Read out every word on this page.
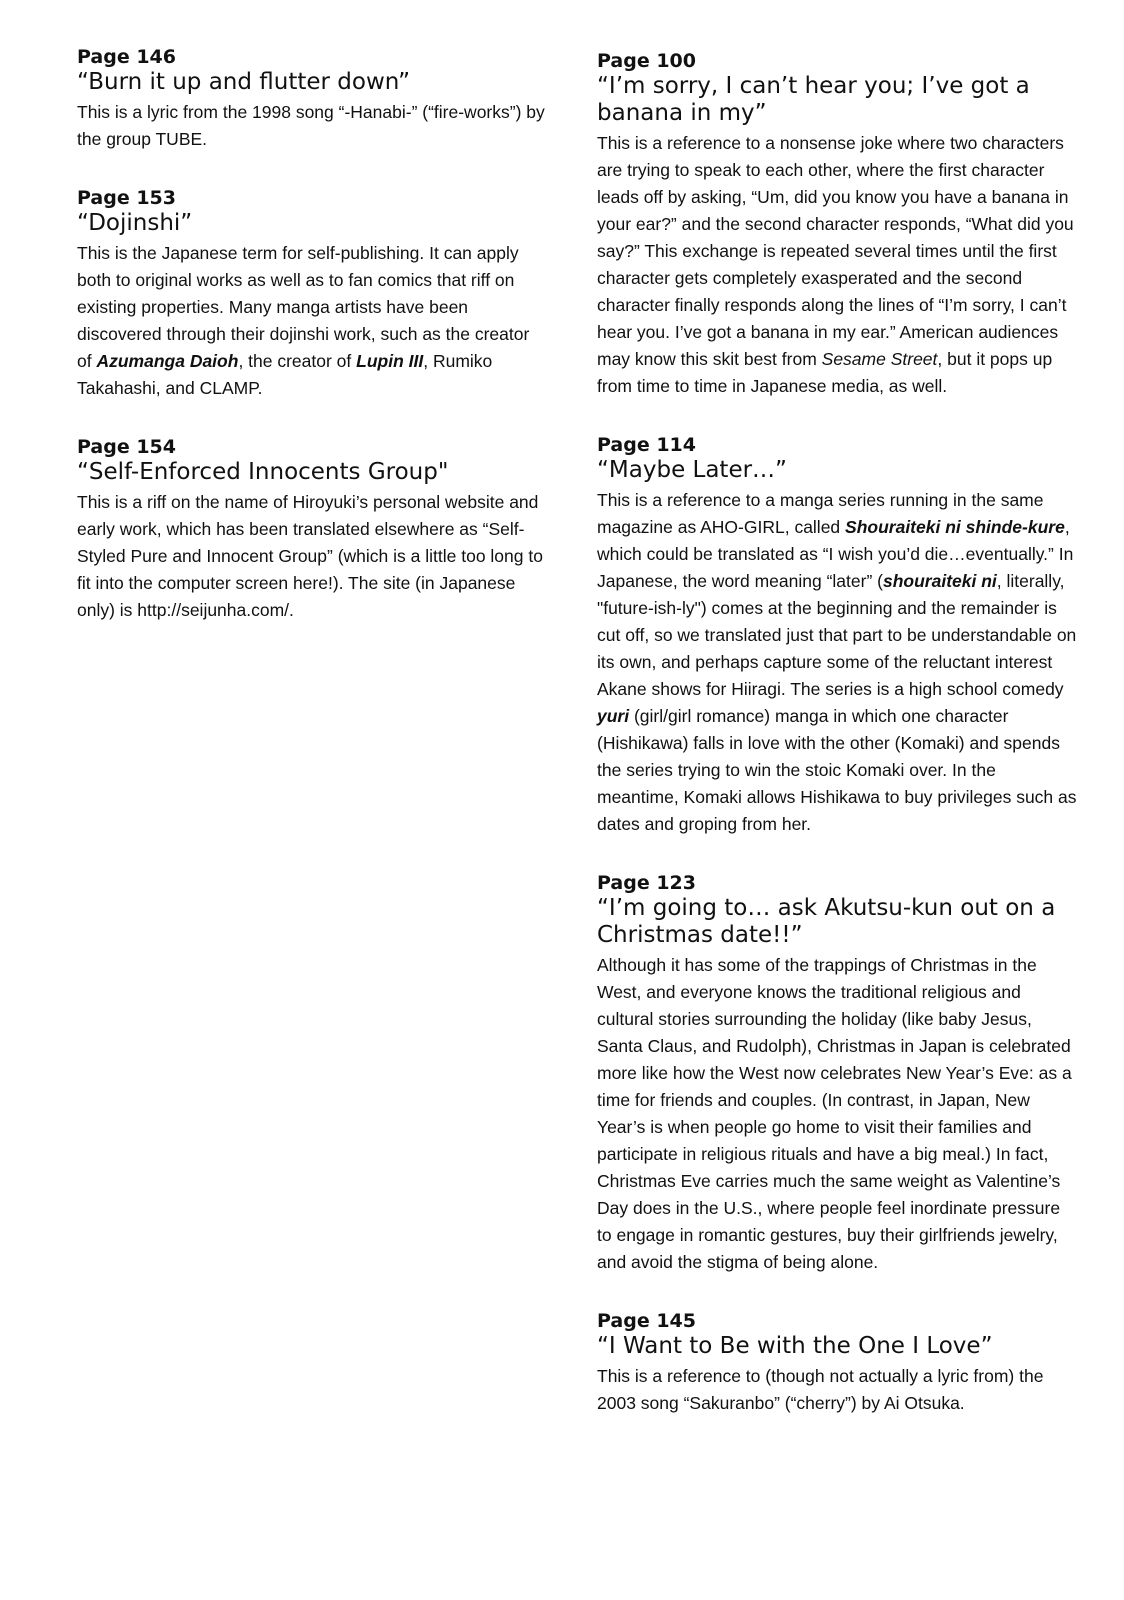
Page 146
“Burn it up and flutter down”

This is a lyric from the 1998 song “-Hanabi-” (“fire-works”) by the group TUBE.

Page 153
“Dojinshi”

This is the Japanese term for self-publishing. It can apply both to original works as well as to fan comics that riff on existing properties. Many manga artists have been discovered through their dojinshi work, such as the creator of Azumanga Daioh, the creator of Lupin III, Rumiko Takahashi, and CLAMP.

Page 154
“Self-Enforced Innocents Group"

This is a riff on the name of Hiroyuki’s personal website and early work, which has been translated elsewhere as “Self-Styled Pure and Innocent Group” (which is a little too long to fit into the computer screen here!). The site (in Japanese only) is http://seijunha.com/.

Page 100
“I’m sorry, I can’t hear you; I’ve got a banana in my”

This is a reference to a nonsense joke where two characters are trying to speak to each other, where the first character leads off by asking, “Um, did you know you have a banana in your ear?” and the second character responds, “What did you say?” This exchange is repeated several times until the first character gets completely exasperated and the second character finally responds along the lines of “I’m sorry, I can’t hear you. I’ve got a banana in my ear.” American audiences may know this skit best from Sesame Street, but it pops up from time to time in Japanese media, as well.

Page 114
“Maybe Later…”

This is a reference to a manga series running in the same magazine as AHO-GIRL, called Shouraiteki ni shinde-kure, which could be translated as “I wish you’d die…eventually.” In Japanese, the word meaning “later” (shouraiteki ni, literally, "future-ish-ly") comes at the beginning and the remainder is cut off, so we translated just that part to be understandable on its own, and perhaps capture some of the reluctant interest Akane shows for Hiiragi. The series is a high school comedy yuri (girl/girl romance) manga in which one character (Hishikawa) falls in love with the other (Komaki) and spends the series trying to win the stoic Komaki over. In the meantime, Komaki allows Hishikawa to buy privileges such as dates and groping from her.

Page 123
“I’m going to… ask Akutsu-kun out on a Christmas date!!”

Although it has some of the trappings of Christmas in the West, and everyone knows the traditional religious and cultural stories surrounding the holiday (like baby Jesus, Santa Claus, and Rudolph), Christmas in Japan is celebrated more like how the West now celebrates New Year’s Eve: as a time for friends and couples. (In contrast, in Japan, New Year’s is when people go home to visit their families and participate in religious rituals and have a big meal.) In fact, Christmas Eve carries much the same weight as Valentine’s Day does in the U.S., where people feel inordinate pressure to engage in romantic gestures, buy their girlfriends jewelry, and avoid the stigma of being alone.

Page 145
“I Want to Be with the One I Love”

This is a reference to (though not actually a lyric from) the 2003 song “Sakuranbo” (“cherry”) by Ai Otsuka.
